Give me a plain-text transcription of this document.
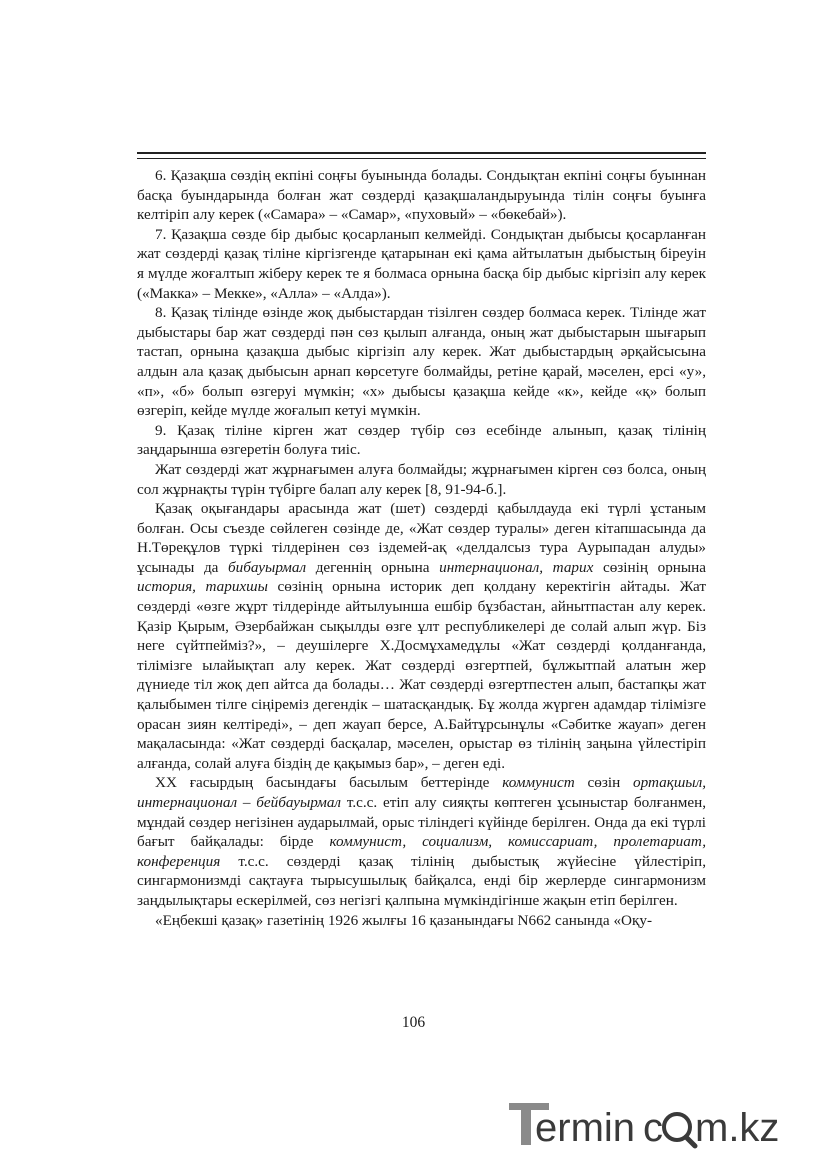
6. Қазақша сөздің екпіні соңғы буынында болады. Сондықтан екпіні соңғы буыннан басқа буындарында болған жат сөздерді қазақшаландыруында тілін соңғы буынға келтіріп алу керек («Самара» – «Самар», «пуховый» – «бөкебай»).

7. Қазақша сөзде бір дыбыс қосарланып келмейді. Сондықтан дыбысы қосарланған жат сөздерді қазақ тіліне кіргізгенде қатарынан екі қама айтылатын дыбыстың біреуін я мүлде жоғалтып жіберу керек те я болмаса орнына басқа бір дыбыс кіргізіп алу керек («Макка» – Мекке», «Алла» – «Алда»).

8. Қазақ тілінде өзінде жоқ дыбыстардан тізілген сөздер болмаса керек. Тілінде жат дыбыстары бар жат сөздерді пән сөз қылып алғанда, оның жат дыбыстарын шығарып тастап, орнына қазақша дыбыс кіргізіп алу керек. Жат дыбыстардың әрқайсысына алдын ала қазақ дыбысын арнап көрсетуге болмайды, ретіне қарай, мәселен, ерсі «у», «п», «б» болып өзгеруі мүмкін; «х» дыбысы қазақша кейде «к», кейде «қ» болып өзгеріп, кейде мүлде жоғалып кетуі мүмкін.

9. Қазақ тіліне кірген жат сөздер түбір сөз есебінде алынып, қазақ тілінің заңдарынша өзгеретін болуға тиіс.

Жат сөздерді жат жұрнағымен алуға болмайды; жұрнағымен кірген сөз болса, оның сол жұрнақты түрін түбірге балап алу керек [8, 91-94-б.].

Қазақ оқығандары арасында жат (шет) сөздерді қабылдауда екі түрлі ұстаным болған. Осы съезде сөйлеген сөзінде де, «Жат сөздер туралы» деген кітапшасында да Н.Төреқұлов түркі тілдерінен сөз іздемей-ақ «делдалсыз тура Аурыпадан алуды» ұсынады да бибауырмал дегеннің орнына интернационал, тарих сөзінің орнына история, тарихшы сөзінің орнына историк деп қолдану керектігін айтады. Жат сөздерді «өзге жұрт тілдерінде айтылуынша ешбір бұзбастан, айнытпастан алу керек. Қазір Қырым, Әзербайжан сықылды өзге ұлт республикелері де солай алып жүр. Біз неге сүйтпейміз?», – деушілерге Х.Досмұхамедұлы «Жат сөздерді қолданғанда, тілімізге ылайықтап алу керек. Жат сөздерді өзгертпей, бұлжытпай алатын жер дүниеде тіл жоқ деп айтса да болады… Жат сөздерді өзгертпестен алып, бастапқы жат қалыбымен тілге сіңіреміз дегендік – шатасқандық. Бұ жолда жүрген адамдар тілімізге орасан зиян келтіреді», – деп жауап берсе, А.Байтұрсынұлы «Сәбитке жауап» деген мақаласында: «Жат сөздерді басқалар, мәселен, орыстар өз тілінің заңына үйлестіріп алғанда, солай алуға біздің де қақымыз бар», – деген еді.

ХХ ғасырдың басындағы басылым беттерінде коммунист сөзін ортақшыл, интернационал – бейбауырмал т.с.с. етіп алу сияқты көптеген ұсыныстар болғанмен, мұндай сөздер негізінен аударылмай, орыс тіліндегі күйінде берілген. Онда да екі түрлі бағыт байқалады: бірде коммунист, социализм, комиссариат, пролетариат, конференция т.с.с. сөздерді қазақ тілінің дыбыстық жүйесіне үйлестіріп, сингармонизмді сақтауға тырысушылық байқалса, енді бір жерлерде сингармонизм заңдылықтары ескерілмей, сөз негізгі қалпына мүмкіндігінше жақын етіп берілген.

«Еңбекші қазақ» газетінің 1926 жылғы 16 қазанындағы N662 санында «Оқу-

106
ermin c m.kz
